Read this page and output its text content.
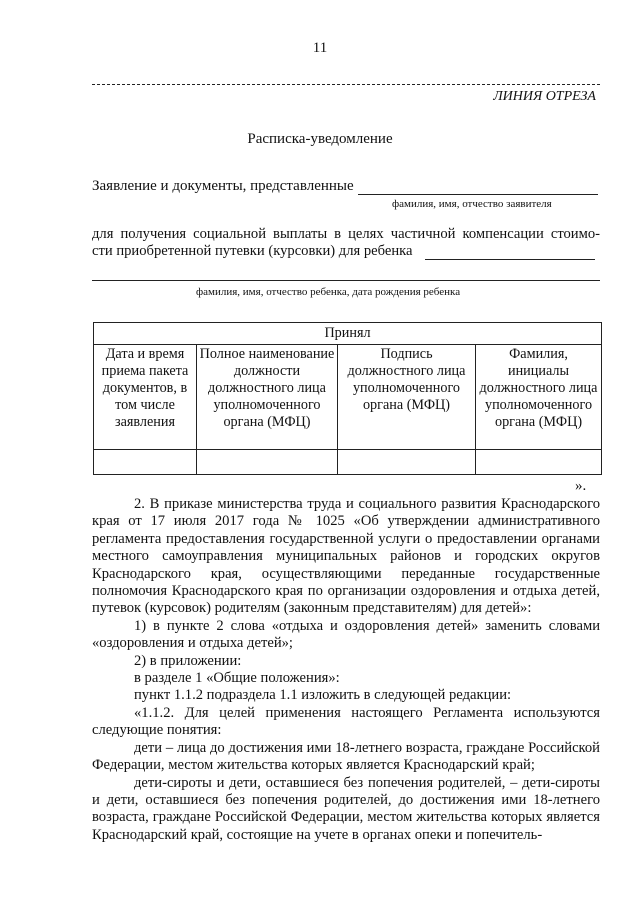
11
ЛИНИЯ ОТРЕЗА
Расписка-уведомление
Заявление и документы, представленные
фамилия, имя, отчество заявителя

для получения социальной выплаты в целях частичной компенсации стоимо-

сти приобретенной путевки (курсовки) для ребенка
фамилия, имя, отчество ребенка, дата рождения ребенка
Принял			
Дата и время приема пакета документов, в том числе заявления	Полное наименование должности должностного лица уполномоченного органа (МФЦ)	Подпись должностного лица уполномоченного органа (МФЦ)	Фамилия, инициалы должностного лица уполномоченного органа (МФЦ)

».

2. В приказе министерства труда и социального развития Краснодарского края от 17 июля 2017 года № 1025 «Об утверждении административного регламента предоставления государственной услуги о предоставлении органами местного самоуправления муниципальных районов и городских округов Краснодарского края, осуществляющими переданные государственные полномочия Краснодарского края по организации оздоровления и отдыха детей, путевок (курсовок) родителям (законным представителям) для детей»:

1) в пункте 2 слова «отдыха и оздоровления детей» заменить словами «оздоровления и отдыха детей»;

2) в приложении:

в разделе 1 «Общие положения»:

пункт 1.1.2 подраздела 1.1 изложить в следующей редакции:

«1.1.2. Для целей применения настоящего Регламента используются следующие понятия:

дети – лица до достижения ими 18-летнего возраста, граждане Российской Федерации, местом жительства которых является Краснодарский край;

дети-сироты и дети, оставшиеся без попечения родителей, – дети-сироты и дети, оставшиеся без попечения родителей, до достижения ими 18-летнего возраста, граждане Российской Федерации, местом жительства которых является Краснодарский край, состоящие на учете в органах опеки и попечитель-
